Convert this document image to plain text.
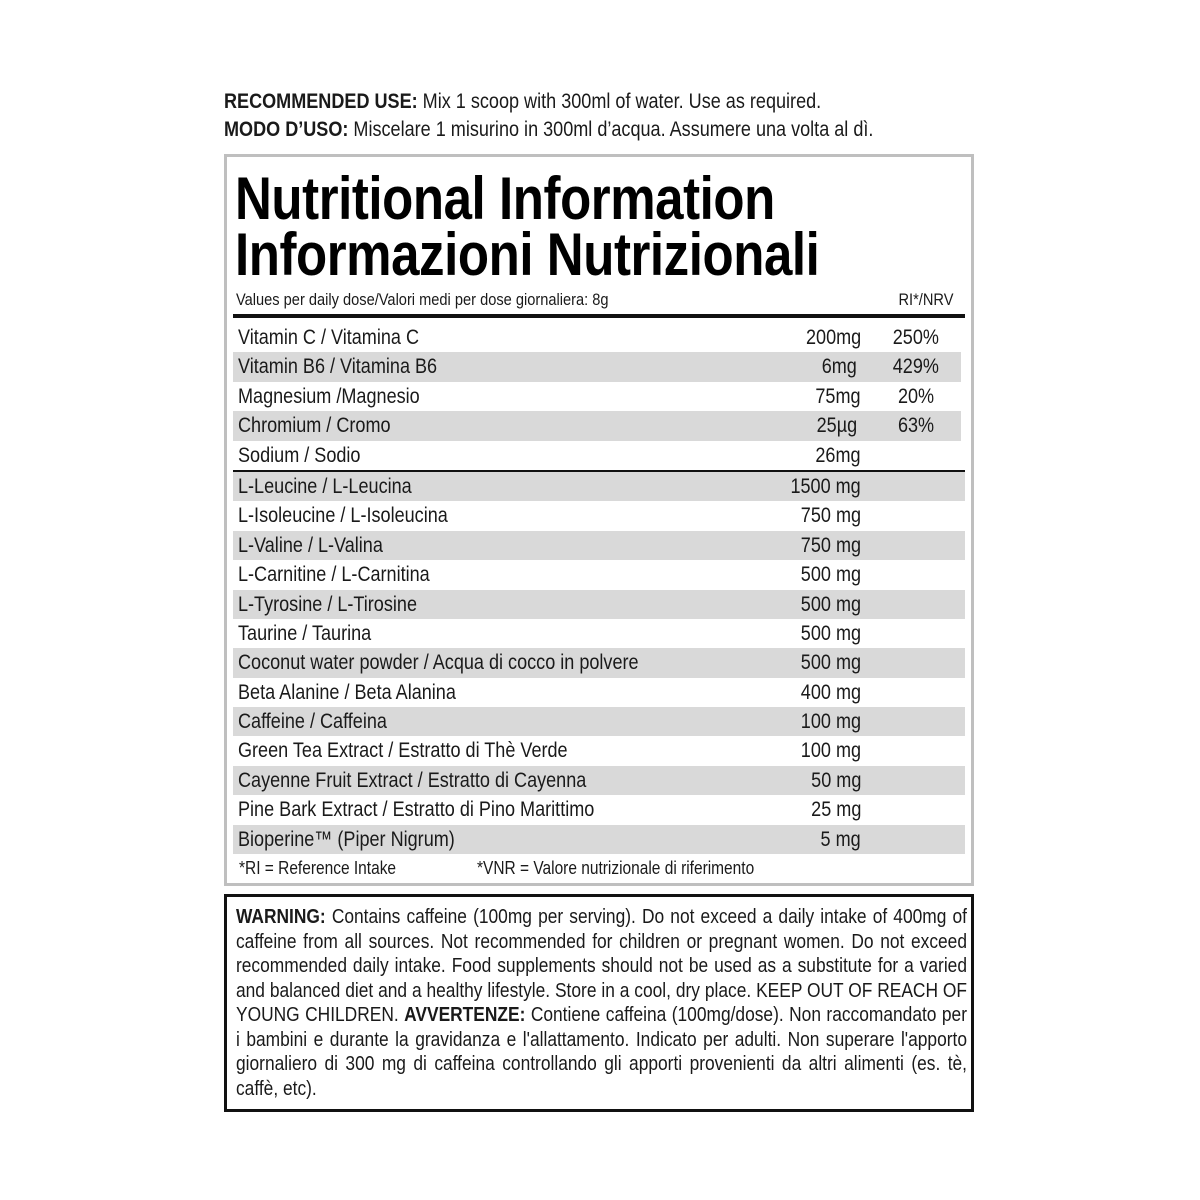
RECOMMENDED USE: Mix 1 scoop with 300ml of water. Use as required.
MODO D’USO: Miscelare 1 misurino in 300ml d’acqua. Assumere una volta al dì.
Nutritional Information
Informazioni Nutrizionali
Values per daily dose/Valori medi per dose giornaliera: 8g	RI*/NRV
Vitamin C / Vitamina C	200mg	250%
Vitamin B6 / Vitamina B6	6mg	429%
Magnesium /Magnesio	75mg	20%
Chromium / Cromo	25µg	63%
Sodium / Sodio	26mg
L-Leucine / L-Leucina	1500 mg
L-Isoleucine / L-Isoleucina	750 mg
L-Valine / L-Valina	750 mg
L-Carnitine / L-Carnitina	500 mg
L-Tyrosine / L-Tirosine	500 mg
Taurine / Taurina	500 mg
Coconut water powder / Acqua di cocco in polvere	500 mg
Beta Alanine / Beta Alanina	400 mg
Caffeine / Caffeina	100 mg
Green Tea Extract / Estratto di Thè Verde	100 mg
Cayenne Fruit Extract / Estratto di Cayenna	50 mg
Pine Bark Extract / Estratto di Pino Marittimo	25 mg
Bioperine™ (Piper Nigrum)	5 mg
*RI = Reference Intake	*VNR = Valore nutrizionale di riferimento
WARNING: Contains caffeine (100mg per serving). Do not exceed a daily intake of 400mg of caffeine from all sources. Not recommended for children or pregnant women. Do not exceed recommended daily intake. Food supplements should not be used as a substitute for a varied and balanced diet and a healthy lifestyle. Store in a cool, dry place. KEEP OUT OF REACH OF YOUNG CHILDREN. AVVERTENZE: Contiene caffeina (100mg/dose). Non raccomandato per i bambini e durante la gravidanza e l'allattamento. Indicato per adulti. Non superare l'apporto giornaliero di 300 mg di caffeina controllando gli apporti provenienti da altri alimenti (es. tè, caffè, etc).
